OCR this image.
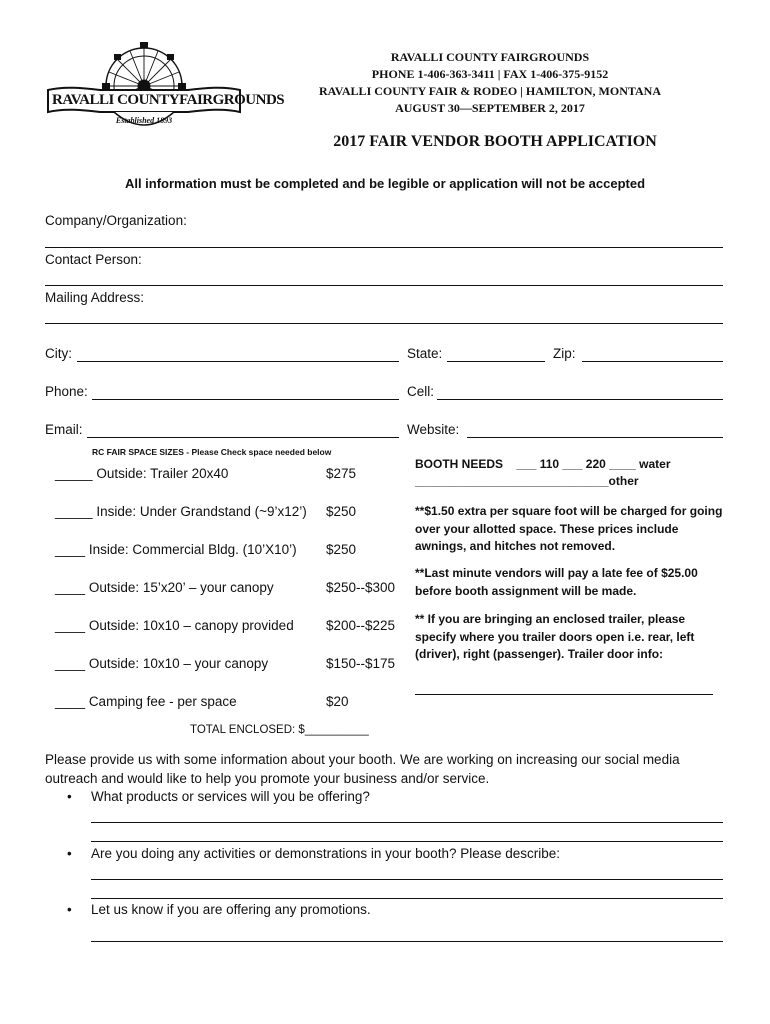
RAVALLI COUNTYFAIRGROUNDS
Established 1893
RAVALLI COUNTY FAIRGROUNDS
PHONE 1-406-363-3411 | FAX 1-406-375-9152
RAVALLI COUNTY FAIR & RODEO | HAMILTON, MONTANA
AUGUST 30—SEPTEMBER 2, 2017
2017 FAIR VENDOR BOOTH APPLICATION
All information must be completed and be legible or application will not be accepted
Company/Organization:
Contact Person:
Mailing Address:
City:	State:	Zip:
Phone:	Cell:
Email:	Website:
RC FAIR SPACE SIZES - Please Check space needed below
_____ Outside: Trailer 20x40	$275
_____ Inside: Under Grandstand (~9’x12’) $250
____ Inside: Commercial Bldg. (10’X10’) $250
____ Outside: 15’x20’ – your canopy	$250--$300
____ Outside: 10x10 – canopy provided $200--$225
____ Outside: 10x10 – your canopy	$150--$175
____ Camping fee - per space	$20
TOTAL ENCLOSED: $__________
BOOTH NEEDS ___ 110 ___ 220 ____ water
_____________________________other
**$1.50 extra per square foot will be charged for going over your allotted space. These prices include awnings, and hitches not removed.
**Last minute vendors will pay a late fee of $25.00 before booth assignment will be made.
** If you are bringing an enclosed trailer, please specify where you trailer doors open i.e. rear, left (driver), right (passenger). Trailer door info:
Please provide us with some information about your booth. We are working on increasing our social media outreach and would like to help you promote your business and/or service.
• What products or services will you be offering?
• Are you doing any activities or demonstrations in your booth? Please describe:
• Let us know if you are offering any promotions.
